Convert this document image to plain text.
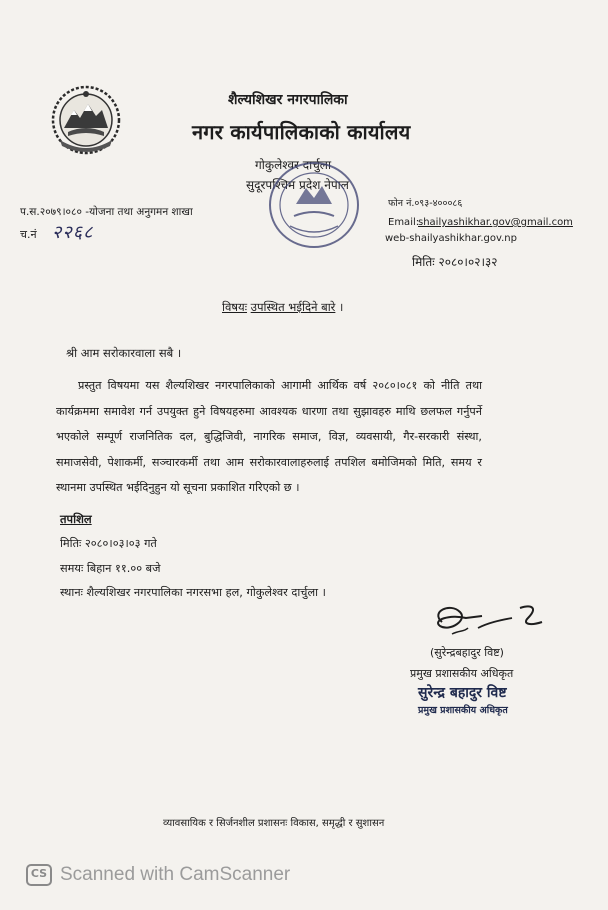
शैल्यशिखर नगरपालिका
नगर कार्यपालिकाको कार्यालय
गोकुलेश्वर दार्चुला
सुदूरपश्चिम प्रदेश नेपाल
प.स.२०७९।०८० -योजना तथा अनुगमन शाखा
च.नं २२६८
फोन नं.०९३-४०००८६
Email:
shailyashikhar.gov@gmail.com
web-shailyashikhar.gov.np
मितिः २०८०।०२।३२
विषयः उपस्थित भईदिने बारे ।
श्री आम सरोकारवाला सबै ।
प्रस्तुत विषयमा यस शैल्यशिखर नगरपालिकाको आगामी आर्थिक वर्ष २०८०।०८१ को नीति तथा कार्यक्रममा समावेश गर्न उपयुक्त हुने विषयहरुमा आवश्यक धारणा तथा सुझावहरु माथि छलफल गर्नुपर्ने भएकोले सम्पूर्ण राजनितिक दल, बुद्धिजिवी, नागरिक समाज, विज्ञ, व्यवसायी, गैर-सरकारी संस्था, समाजसेवी, पेशाकर्मी, सञ्चारकर्मी तथा आम सरोकारवालाहरुलाई तपशिल बमोजिमको मिति, समय र स्थानमा उपस्थित भईदिनुहुन यो सूचना प्रकाशित गरिएको छ ।
तपशिल
मितिः २०८०।०३।०३ गते
समयः बिहान ११.०० बजे
स्थानः शैल्यशिखर नगरपालिका नगरसभा हल, गोकुलेश्वर दार्चुला ।
(सुरेन्द्रबहादुर विष्ट)
प्रमुख प्रशासकीय अधिकृत
सुरेन्द्र बहादुर विष्ट
प्रमुख प्रशासकीय अधिकृत
व्यावसायिक र सिर्जनशील प्रशासनः विकास, समृद्धी र सुशासन
CS Scanned with CamScanner
